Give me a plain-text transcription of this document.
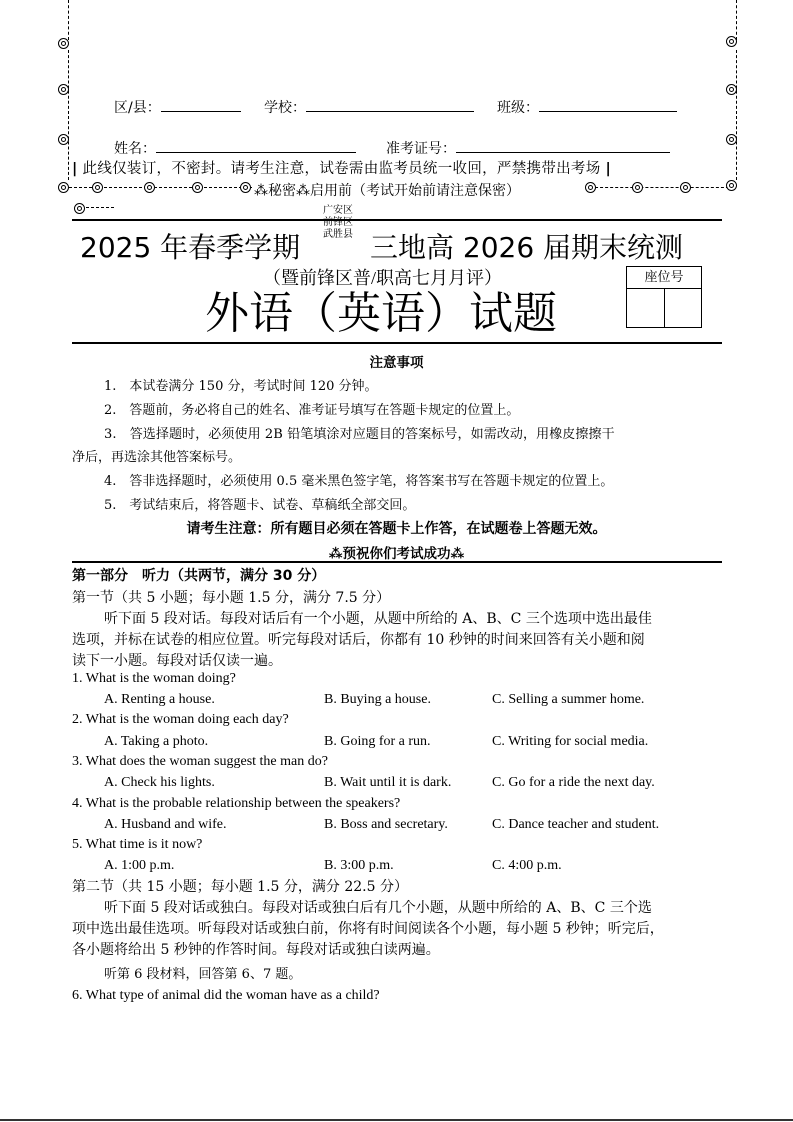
区/县：	学校：	班级：
姓名：	准考证号：
| 此线仅装订，不密封。请考生注意，试卷需由监考员统一收回，严禁携带出考场 |
⁂秘密⁂启用前（考试开始前请注意保密）
广安区
前锋区
武胜县
2025 年春季学期 三地高 2026 届期末统测
（暨前锋区普/职高七月月评）
外语（英语）试题
座位号
注意事项
1.　本试卷满分 150 分，考试时间 120 分钟。
2.　答题前，务必将自己的姓名、准考证号填写在答题卡规定的位置上。
3.　答选择题时，必须使用 2B 铅笔填涂对应题目的答案标号，如需改动，用橡皮擦擦干
净后，再选涂其他答案标号。
4.　答非选择题时，必须使用 0.5 毫米黑色签字笔，将答案书写在答题卡规定的位置上。
5.　考试结束后，将答题卡、试卷、草稿纸全部交回。
请考生注意：所有题目必须在答题卡上作答，在试题卷上答题无效。
⁂预祝你们考试成功⁂
第一部分　听力（共两节，满分 30 分）
第一节（共 5 小题；每小题 1.5 分，满分 7.5 分）
听下面 5 段对话。每段对话后有一个小题，从题中所给的 A、B、C 三个选项中选出最佳
选项，并标在试卷的相应位置。听完每段对话后，你都有 10 秒钟的时间来回答有关小题和阅
读下一小题。每段对话仅读一遍。
1. What is the woman doing?
A. Renting a house.	B. Buying a house.	C. Selling a summer home.
2. What is the woman doing each day?
A. Taking a photo.	B. Going for a run.	C. Writing for social media.
3. What does the woman suggest the man do?
A. Check his lights.	B. Wait until it is dark.	C. Go for a ride the next day.
4. What is the probable relationship between the speakers?
A. Husband and wife.	B. Boss and secretary.	C. Dance teacher and student.
5. What time is it now?
A. 1:00 p.m.	B. 3:00 p.m.	C. 4:00 p.m.
第二节（共 15 小题；每小题 1.5 分，满分 22.5 分）
听下面 5 段对话或独白。每段对话或独白后有几个小题，从题中所给的 A、B、C 三个选
项中选出最佳选项。听每段对话或独白前，你将有时间阅读各个小题，每小题 5 秒钟；听完后，
各小题将给出 5 秒钟的作答时间。每段对话或独白读两遍。
听第 6 段材料，回答第 6、7 题。
6. What type of animal did the woman have as a child?
